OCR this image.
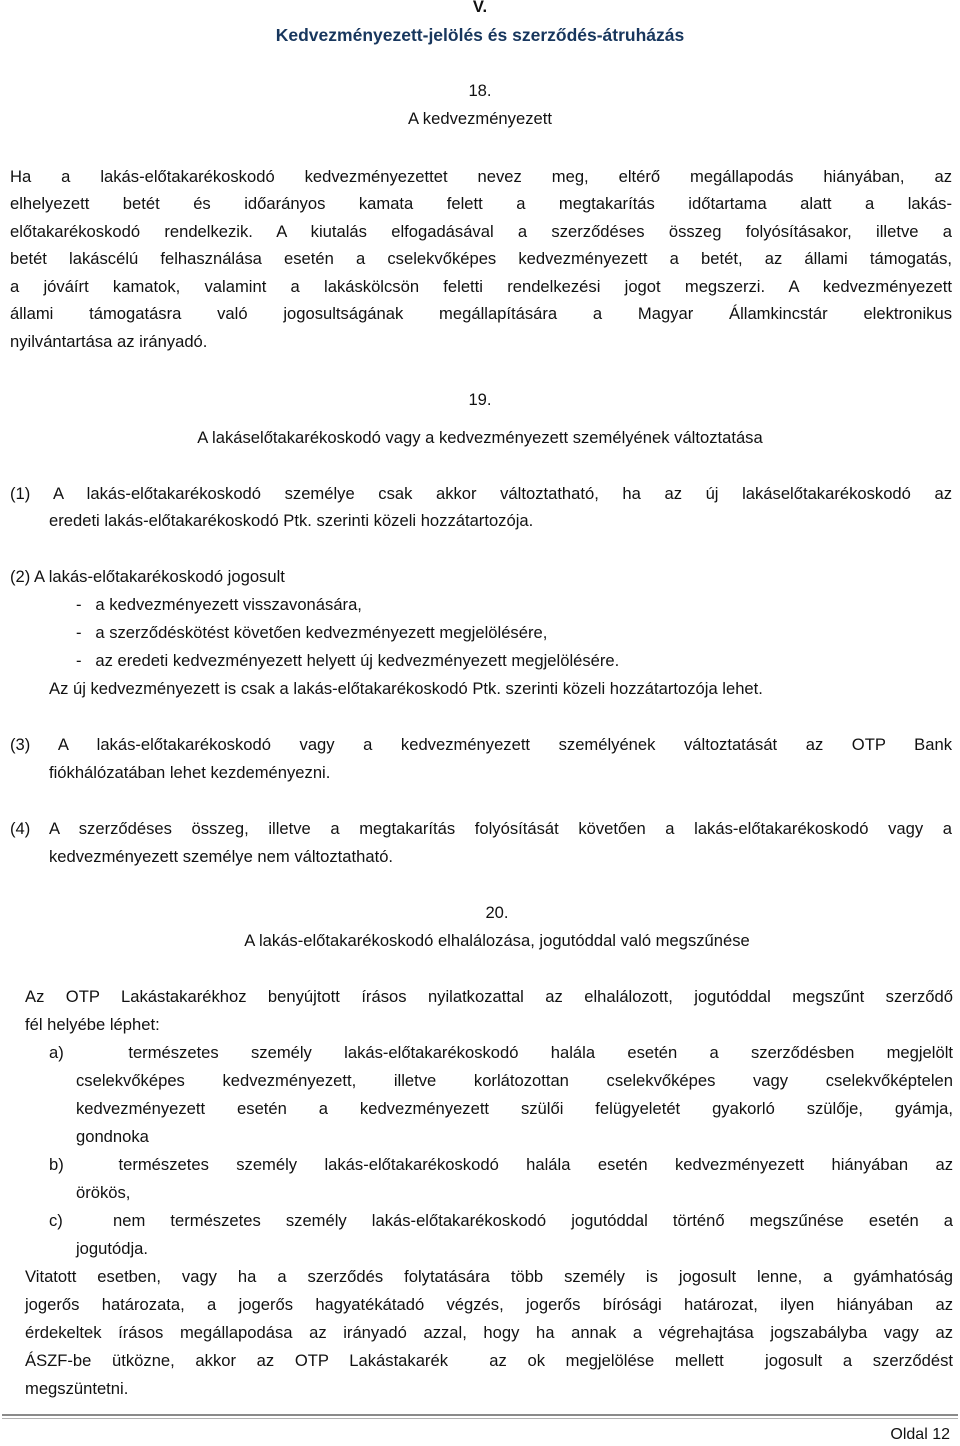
V.
Kedvezményezett-jelölés és szerződés-átruházás
18.
A kedvezményezett
Ha a lakás-előtakarékoskodó kedvezményezettet nevez meg, eltérő megállapodás hiányában, az
elhelyezett betét és időarányos kamata felett a megtakarítás időtartama alatt a lakás-
előtakarékoskodó rendelkezik. A kiutalás elfogadásával a szerződéses összeg folyósításakor, illetve a
betét lakáscélú felhasználása esetén a cselekvőképes kedvezményezett a betét, az állami támogatás,
a jóváírt kamatok, valamint a lakáskölcsön feletti rendelkezési jogot megszerzi. A kedvezményezett
állami támogatásra való jogosultságának megállapítására a Magyar Államkincstár elektronikus
nyilvántartása az irányadó.
19.
A lakáselőtakarékoskodó vagy a kedvezményezett személyének változtatása
(1) A lakás-előtakarékoskodó személye csak akkor változtatható, ha az új lakáselőtakarékoskodó az
eredeti lakás-előtakarékoskodó Ptk. szerinti közeli hozzátartozója.
(2) A lakás-előtakarékoskodó jogosult
-   a kedvezményezett visszavonására,
-   a szerződéskötést követően kedvezményezett megjelölésére,
-   az eredeti kedvezményezett helyett új kedvezményezett megjelölésére.
Az új kedvezményezett is csak a lakás-előtakarékoskodó Ptk. szerinti közeli hozzátartozója lehet.
(3) A lakás-előtakarékoskodó vagy a kedvezményezett személyének változtatását az OTP Bank
fiókhálózatában lehet kezdeményezni.
(4) A szerződéses összeg, illetve a megtakarítás folyósítását követően a lakás-előtakarékoskodó vagy a
kedvezményezett személye nem változtatható.
20.
A lakás-előtakarékoskodó elhalálozása, jogutóddal való megszűnése
Az OTP Lakástakarékhoz benyújtott írásos nyilatkozattal az elhalálozott, jogutóddal megszűnt szerződő
fél helyébe léphet:
a)  természetes személy lakás-előtakarékoskodó halála esetén a szerződésben megjelölt
cselekvőképes kedvezményezett, illetve korlátozottan cselekvőképes vagy cselekvőképtelen
kedvezményezett esetén a kedvezményezett szülői felügyeletét gyakorló szülője, gyámja,
gondnoka
b)  természetes személy lakás-előtakarékoskodó halála esetén kedvezményezett hiányában az
örökös,
c)  nem természetes személy lakás-előtakarékoskodó jogutóddal történő megszűnése esetén a
jogutódja.
Vitatott esetben, vagy ha a szerződés folytatására több személy is jogosult lenne, a gyámhatóság
jogerős határozata, a jogerős hagyatékátadó végzés, jogerős bírósági határozat, ilyen hiányában az
érdekeltek írásos megállapodása az irányadó azzal, hogy ha annak a végrehajtása jogszabályba vagy az
ÁSZF-be ütközne, akkor az OTP Lakástakarék  az ok megjelölése mellett  jogosult a szerződést
megszüntetni.
Oldal 12
